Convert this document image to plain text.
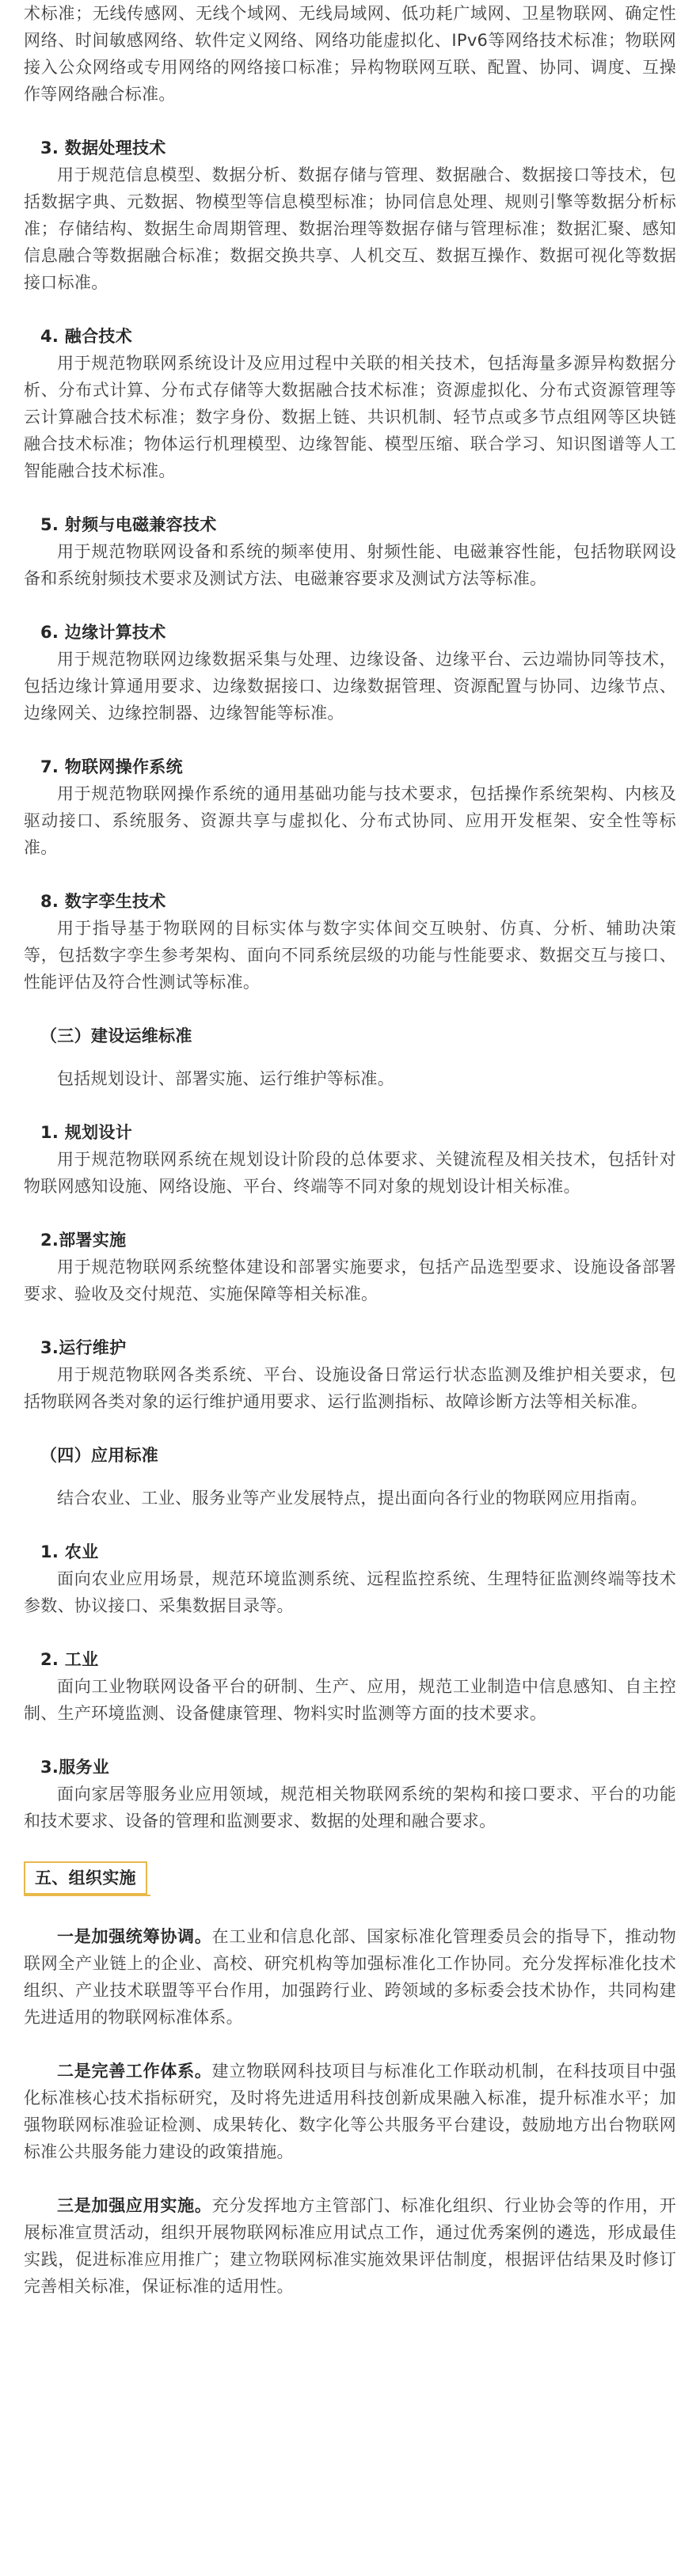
术标准；无线传感网、无线个域网、无线局域网、低功耗广域网、卫星物联网、确定性网络、时间敏感网络、软件定义网络、网络功能虚拟化、IPv6等网络技术标准；物联网接入公众网络或专用网络的网络接口标准；异构物联网互联、配置、协同、调度、互操作等网络融合标准。

3. 数据处理技术

用于规范信息模型、数据分析、数据存储与管理、数据融合、数据接口等技术，包括数据字典、元数据、物模型等信息模型标准；协同信息处理、规则引擎等数据分析标准；存储结构、数据生命周期管理、数据治理等数据存储与管理标准；数据汇聚、感知信息融合等数据融合标准；数据交换共享、人机交互、数据互操作、数据可视化等数据接口标准。

4. 融合技术

用于规范物联网系统设计及应用过程中关联的相关技术，包括海量多源异构数据分析、分布式计算、分布式存储等大数据融合技术标准；资源虚拟化、分布式资源管理等云计算融合技术标准；数字身份、数据上链、共识机制、轻节点或多节点组网等区块链融合技术标准；物体运行机理模型、边缘智能、模型压缩、联合学习、知识图谱等人工智能融合技术标准。

5. 射频与电磁兼容技术

用于规范物联网设备和系统的频率使用、射频性能、电磁兼容性能，包括物联网设备和系统射频技术要求及测试方法、电磁兼容要求及测试方法等标准。

6. 边缘计算技术

用于规范物联网边缘数据采集与处理、边缘设备、边缘平台、云边端协同等技术，包括边缘计算通用要求、边缘数据接口、边缘数据管理、资源配置与协同、边缘节点、边缘网关、边缘控制器、边缘智能等标准。

7. 物联网操作系统

用于规范物联网操作系统的通用基础功能与技术要求，包括操作系统架构、内核及驱动接口、系统服务、资源共享与虚拟化、分布式协同、应用开发框架、安全性等标准。

8. 数字孪生技术

用于指导基于物联网的目标实体与数字实体间交互映射、仿真、分析、辅助决策等，包括数字孪生参考架构、面向不同系统层级的功能与性能要求、数据交互与接口、性能评估及符合性测试等标准。

（三）建设运维标准

包括规划设计、部署实施、运行维护等标准。

1. 规划设计

用于规范物联网系统在规划设计阶段的总体要求、关键流程及相关技术，包括针对物联网感知设施、网络设施、平台、终端等不同对象的规划设计相关标准。

2.部署实施

用于规范物联网系统整体建设和部署实施要求，包括产品选型要求、设施设备部署要求、验收及交付规范、实施保障等相关标准。

3.运行维护

用于规范物联网各类系统、平台、设施设备日常运行状态监测及维护相关要求，包括物联网各类对象的运行维护通用要求、运行监测指标、故障诊断方法等相关标准。

（四）应用标准

结合农业、工业、服务业等产业发展特点，提出面向各行业的物联网应用指南。

1. 农业

面向农业应用场景，规范环境监测系统、远程监控系统、生理特征监测终端等技术参数、协议接口、采集数据目录等。

2. 工业

面向工业物联网设备平台的研制、生产、应用，规范工业制造中信息感知、自主控制、生产环境监测、设备健康管理、物料实时监测等方面的技术要求。

3.服务业

面向家居等服务业应用领域，规范相关物联网系统的架构和接口要求、平台的功能和技术要求、设备的管理和监测要求、数据的处理和融合要求。

五、组织实施

一是加强统筹协调。在工业和信息化部、国家标准化管理委员会的指导下，推动物联网全产业链上的企业、高校、研究机构等加强标准化工作协同。充分发挥标准化技术组织、产业技术联盟等平台作用，加强跨行业、跨领域的多标委会技术协作，共同构建先进适用的物联网标准体系。

二是完善工作体系。建立物联网科技项目与标准化工作联动机制，在科技项目中强化标准核心技术指标研究，及时将先进适用科技创新成果融入标准，提升标准水平；加强物联网标准验证检测、成果转化、数字化等公共服务平台建设，鼓励地方出台物联网标准公共服务能力建设的政策措施。

三是加强应用实施。充分发挥地方主管部门、标准化组织、行业协会等的作用，开展标准宣贯活动，组织开展物联网标准应用试点工作，通过优秀案例的遴选，形成最佳实践，促进标准应用推广；建立物联网标准实施效果评估制度，根据评估结果及时修订完善相关标准，保证标准的适用性。
